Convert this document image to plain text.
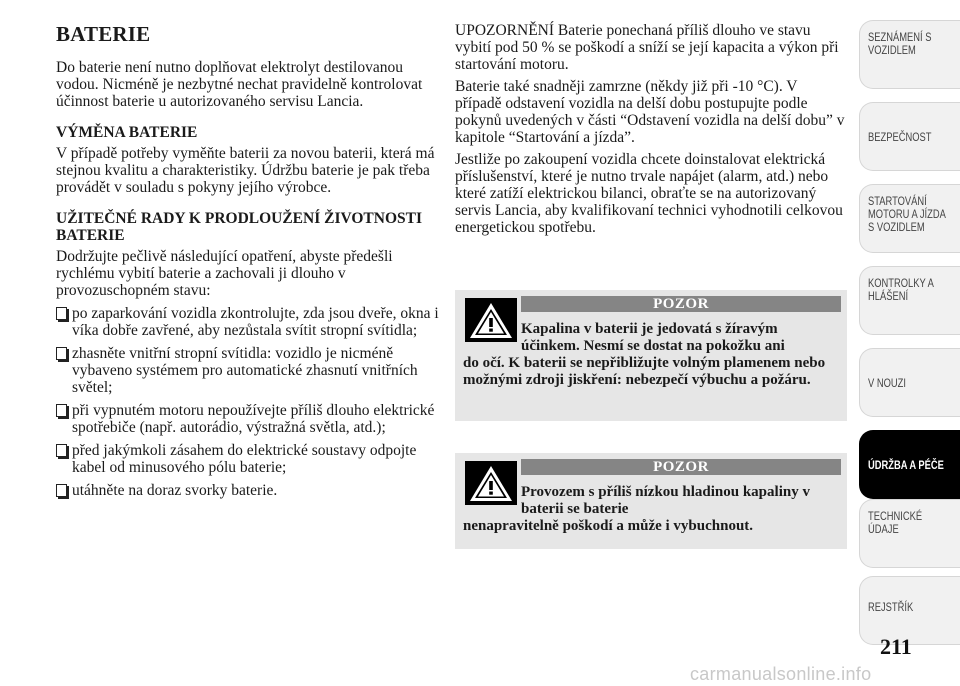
BATERIE

Do baterie není nutno doplňovat elektrolyt destilovanou vodou. Nicméně je nezbytné nechat pravidelně kontrolovat účinnost baterie u autorizovaného servisu Lancia.

VÝMĚNA BATERIE

V případě potřeby vyměňte baterii za novou baterii, která má stejnou kvalitu a charakteristiky. Údržbu baterie je pak třeba provádět v souladu s pokyny jejího výrobce.

UŽITEČNÉ RADY K PRODLOUŽENÍ ŽIVOTNOSTI BATERIE

Dodržujte pečlivě následující opatření, abyste předešli rychlému vybití baterie a zachovali ji dlouho v provozuschopném stavu:

po zaparkování vozidla zkontrolujte, zda jsou dveře, okna i víka dobře zavřené, aby nezůstala svítit stropní svítidla;
zhasněte vnitřní stropní svítidla: vozidlo je nicméně vybaveno systémem pro automatické zhasnutí vnitřních světel;
při vypnutém motoru nepoužívejte příliš dlouho elektrické spotřebiče (např. autorádio, výstražná světla, atd.);
před jakýmkoli zásahem do elektrické soustavy odpojte kabel od minusového pólu baterie;
utáhněte na doraz svorky baterie.

UPOZORNĚNÍ Baterie ponechaná příliš dlouho ve stavu vybití pod 50 % se poškodí a sníží se její kapacita a výkon při startování motoru.

Baterie také snadněji zamrzne (někdy již při -10 °C). V případě odstavení vozidla na delší dobu postupujte podle pokynů uvedených v části “Odstavení vozidla na delší dobu” v kapitole “Startování a jízda”.

Jestliže po zakoupení vozidla chcete doinstalovat elektrická příslušenství, které je nutno trvale napájet (alarm, atd.) nebo které zatíží elektrickou bilanci, obraťte se na autorizovaný servis Lancia, aby kvalifikovaní technici vyhodnotili celkovou energetickou spotřebu.

POZOR
Kapalina v baterii je jedovatá s žíravým účinkem. Nesmí se dostat na pokožku ani
do očí. K baterii se nepřibližujte volným plamenem nebo možnými zdroji jiskření: nebezpečí výbuchu a požáru.
POZOR
Provozem s příliš nízkou hladinou kapaliny v baterii se baterie
nenapravitelně poškodí a může i vybuchnout.
SEZNÁMENÍ S
VOZIDLEM
BEZPEČNOST
STARTOVÁNÍ
MOTORU A JÍZDA
S VOZIDLEM
KONTROLKY A
HLÁŠENÍ
V NOUZI
ÚDRŽBA A PÉČE
TECHNICKÉ
ÚDAJE
REJSTŘÍK
211
carmanualsonline.info
